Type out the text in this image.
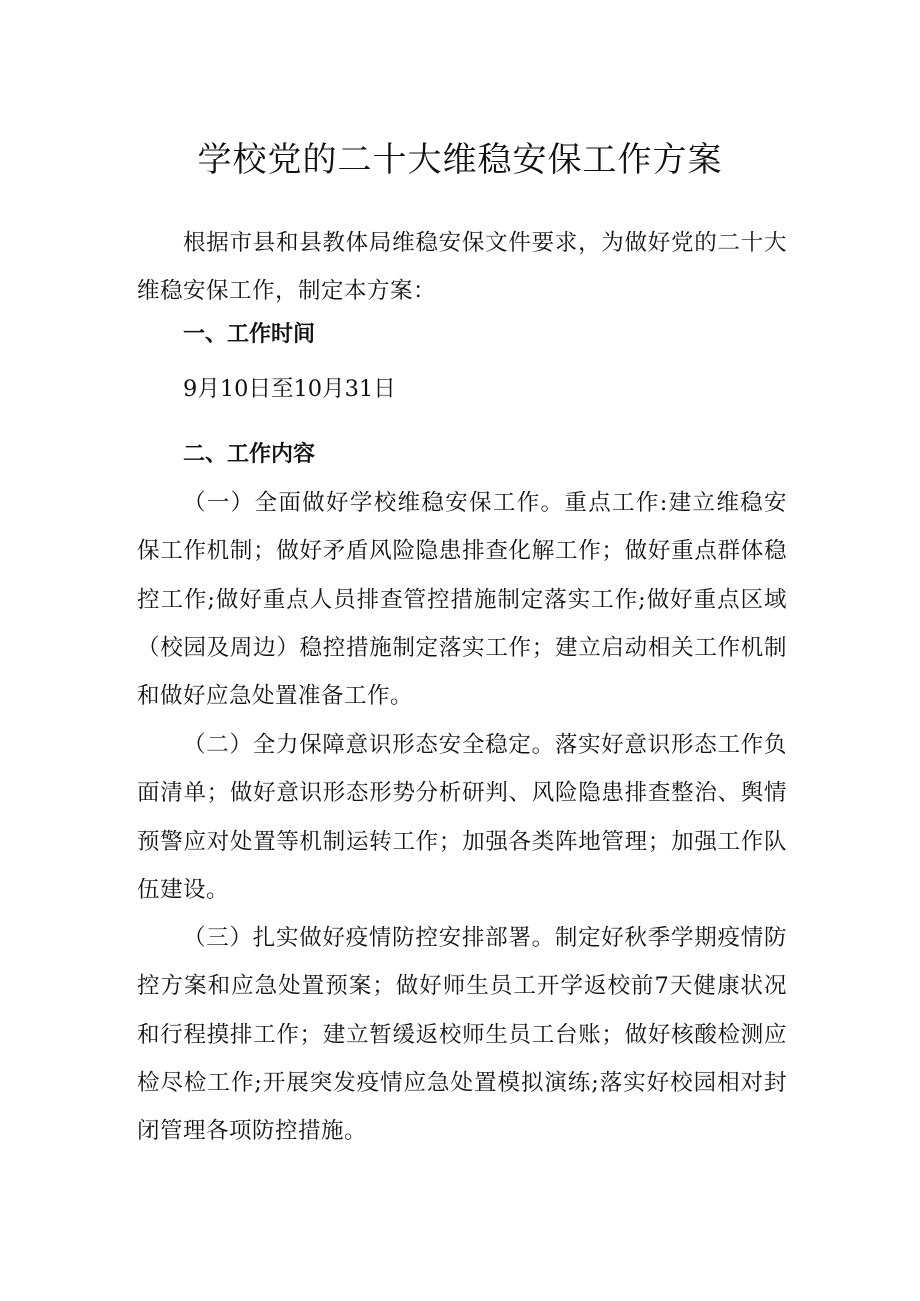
学校党的二十大维稳安保工作方案
根据市县和县教体局维稳安保文件要求，为做好党的二十大维稳安保工作，制定本方案：
一、工作时间
9月10日至10月31日
二、工作内容
（一）全面做好学校维稳安保工作。重点工作:建立维稳安保工作机制；做好矛盾风险隐患排查化解工作；做好重点群体稳控工作;做好重点人员排查管控措施制定落实工作;做好重点区域（校园及周边）稳控措施制定落实工作；建立启动相关工作机制和做好应急处置准备工作。
（二）全力保障意识形态安全稳定。落实好意识形态工作负面清单；做好意识形态形势分析研判、风险隐患排查整治、舆情预警应对处置等机制运转工作；加强各类阵地管理；加强工作队伍建设。
（三）扎实做好疫情防控安排部署。制定好秋季学期疫情防控方案和应急处置预案；做好师生员工开学返校前7天健康状况和行程摸排工作；建立暂缓返校师生员工台账；做好核酸检测应检尽检工作;开展突发疫情应急处置模拟演练;落实好校园相对封闭管理各项防控措施。
